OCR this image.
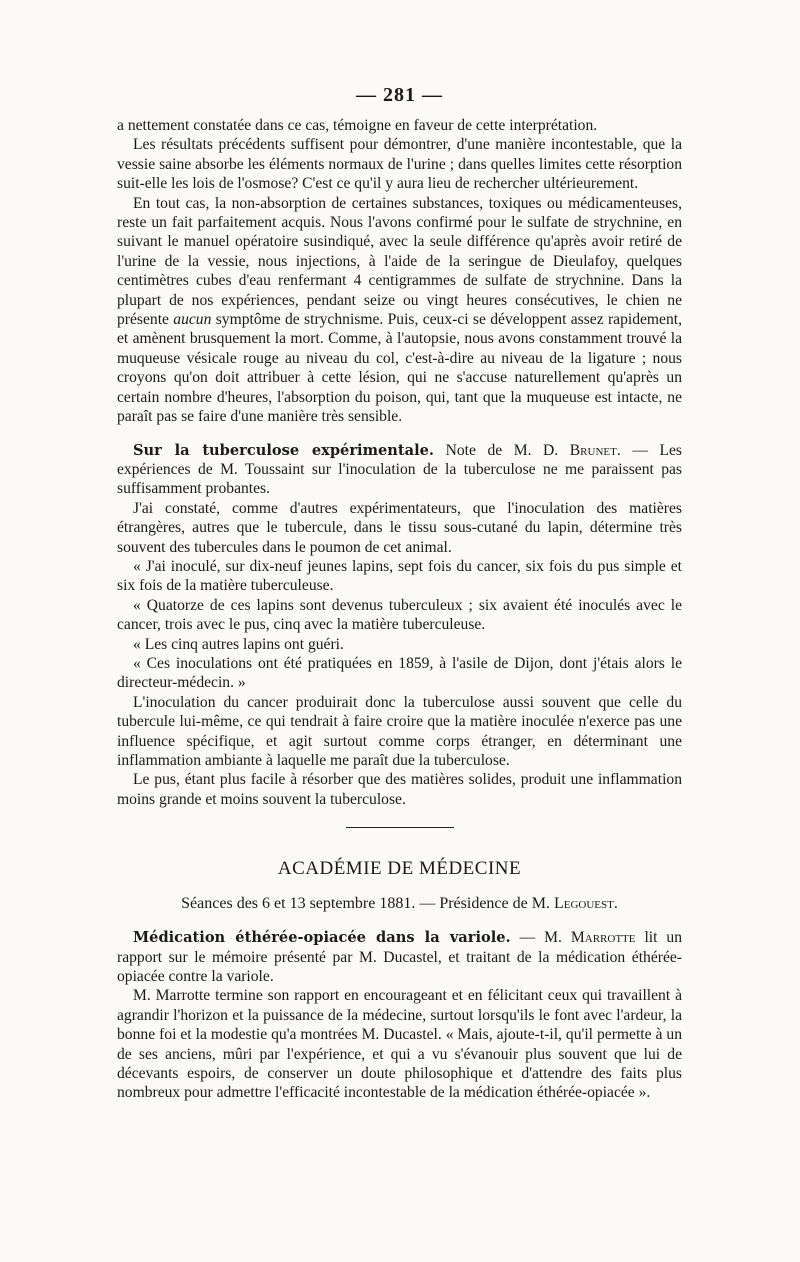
— 281 —

a nettement constatée dans ce cas, témoigne en faveur de cette interprétation.

Les résultats précédents suffisent pour démontrer, d'une manière incontestable, que la vessie saine absorbe les éléments normaux de l'urine ; dans quelles limites cette résorption suit-elle les lois de l'osmose? C'est ce qu'il y aura lieu de rechercher ultérieurement.

En tout cas, la non-absorption de certaines substances, toxiques ou médicamenteuses, reste un fait parfaitement acquis. Nous l'avons confirmé pour le sulfate de strychnine, en suivant le manuel opératoire susindiqué, avec la seule différence qu'après avoir retiré de l'urine de la vessie, nous injections, à l'aide de la seringue de Dieulafoy, quelques centimètres cubes d'eau renfermant 4 centigrammes de sulfate de strychnine. Dans la plupart de nos expériences, pendant seize ou vingt heures consécutives, le chien ne présente aucun symptôme de strychnisme. Puis, ceux-ci se développent assez rapidement, et amènent brusquement la mort. Comme, à l'autopsie, nous avons constamment trouvé la muqueuse vésicale rouge au niveau du col, c'est-à-dire au niveau de la ligature ; nous croyons qu'on doit attribuer à cette lésion, qui ne s'accuse naturellement qu'après un certain nombre d'heures, l'absorption du poison, qui, tant que la muqueuse est intacte, ne paraît pas se faire d'une manière très sensible.

Sur la tuberculose expérimentale. Note de M. D. Brunet. — Les expériences de M. Toussaint sur l'inoculation de la tuberculose ne me paraissent pas suffisamment probantes.

J'ai constaté, comme d'autres expérimentateurs, que l'inoculation des matières étrangères, autres que le tubercule, dans le tissu sous-cutané du lapin, détermine très souvent des tubercules dans le poumon de cet animal.

« J'ai inoculé, sur dix-neuf jeunes lapins, sept fois du cancer, six fois du pus simple et six fois de la matière tuberculeuse.

« Quatorze de ces lapins sont devenus tuberculeux ; six avaient été inoculés avec le cancer, trois avec le pus, cinq avec la matière tuberculeuse.

« Les cinq autres lapins ont guéri.

« Ces inoculations ont été pratiquées en 1859, à l'asile de Dijon, dont j'étais alors le directeur-médecin. »

L'inoculation du cancer produirait donc la tuberculose aussi souvent que celle du tubercule lui-même, ce qui tendrait à faire croire que la matière inoculée n'exerce pas une influence spécifique, et agit surtout comme corps étranger, en déterminant une inflammation ambiante à laquelle me paraît due la tuberculose.

Le pus, étant plus facile à résorber que des matières solides, produit une inflammation moins grande et moins souvent la tuberculose.

ACADÉMIE DE MÉDECINE
Séances des 6 et 13 septembre 1881. — Présidence de M. Legouest.

Médication éthérée-opiacée dans la variole. — M. Marrotte lit un rapport sur le mémoire présenté par M. Ducastel, et traitant de la médication éthérée-opiacée contre la variole.

M. Marrotte termine son rapport en encourageant et en félicitant ceux qui travaillent à agrandir l'horizon et la puissance de la médecine, surtout lorsqu'ils le font avec l'ardeur, la bonne foi et la modestie qu'a montrées M. Ducastel. « Mais, ajoute-t-il, qu'il permette à un de ses anciens, mûri par l'expérience, et qui a vu s'évanouir plus souvent que lui de décevants espoirs, de conserver un doute philosophique et d'attendre des faits plus nombreux pour admettre l'efficacité incontestable de la médication éthérée-opiacée ».
